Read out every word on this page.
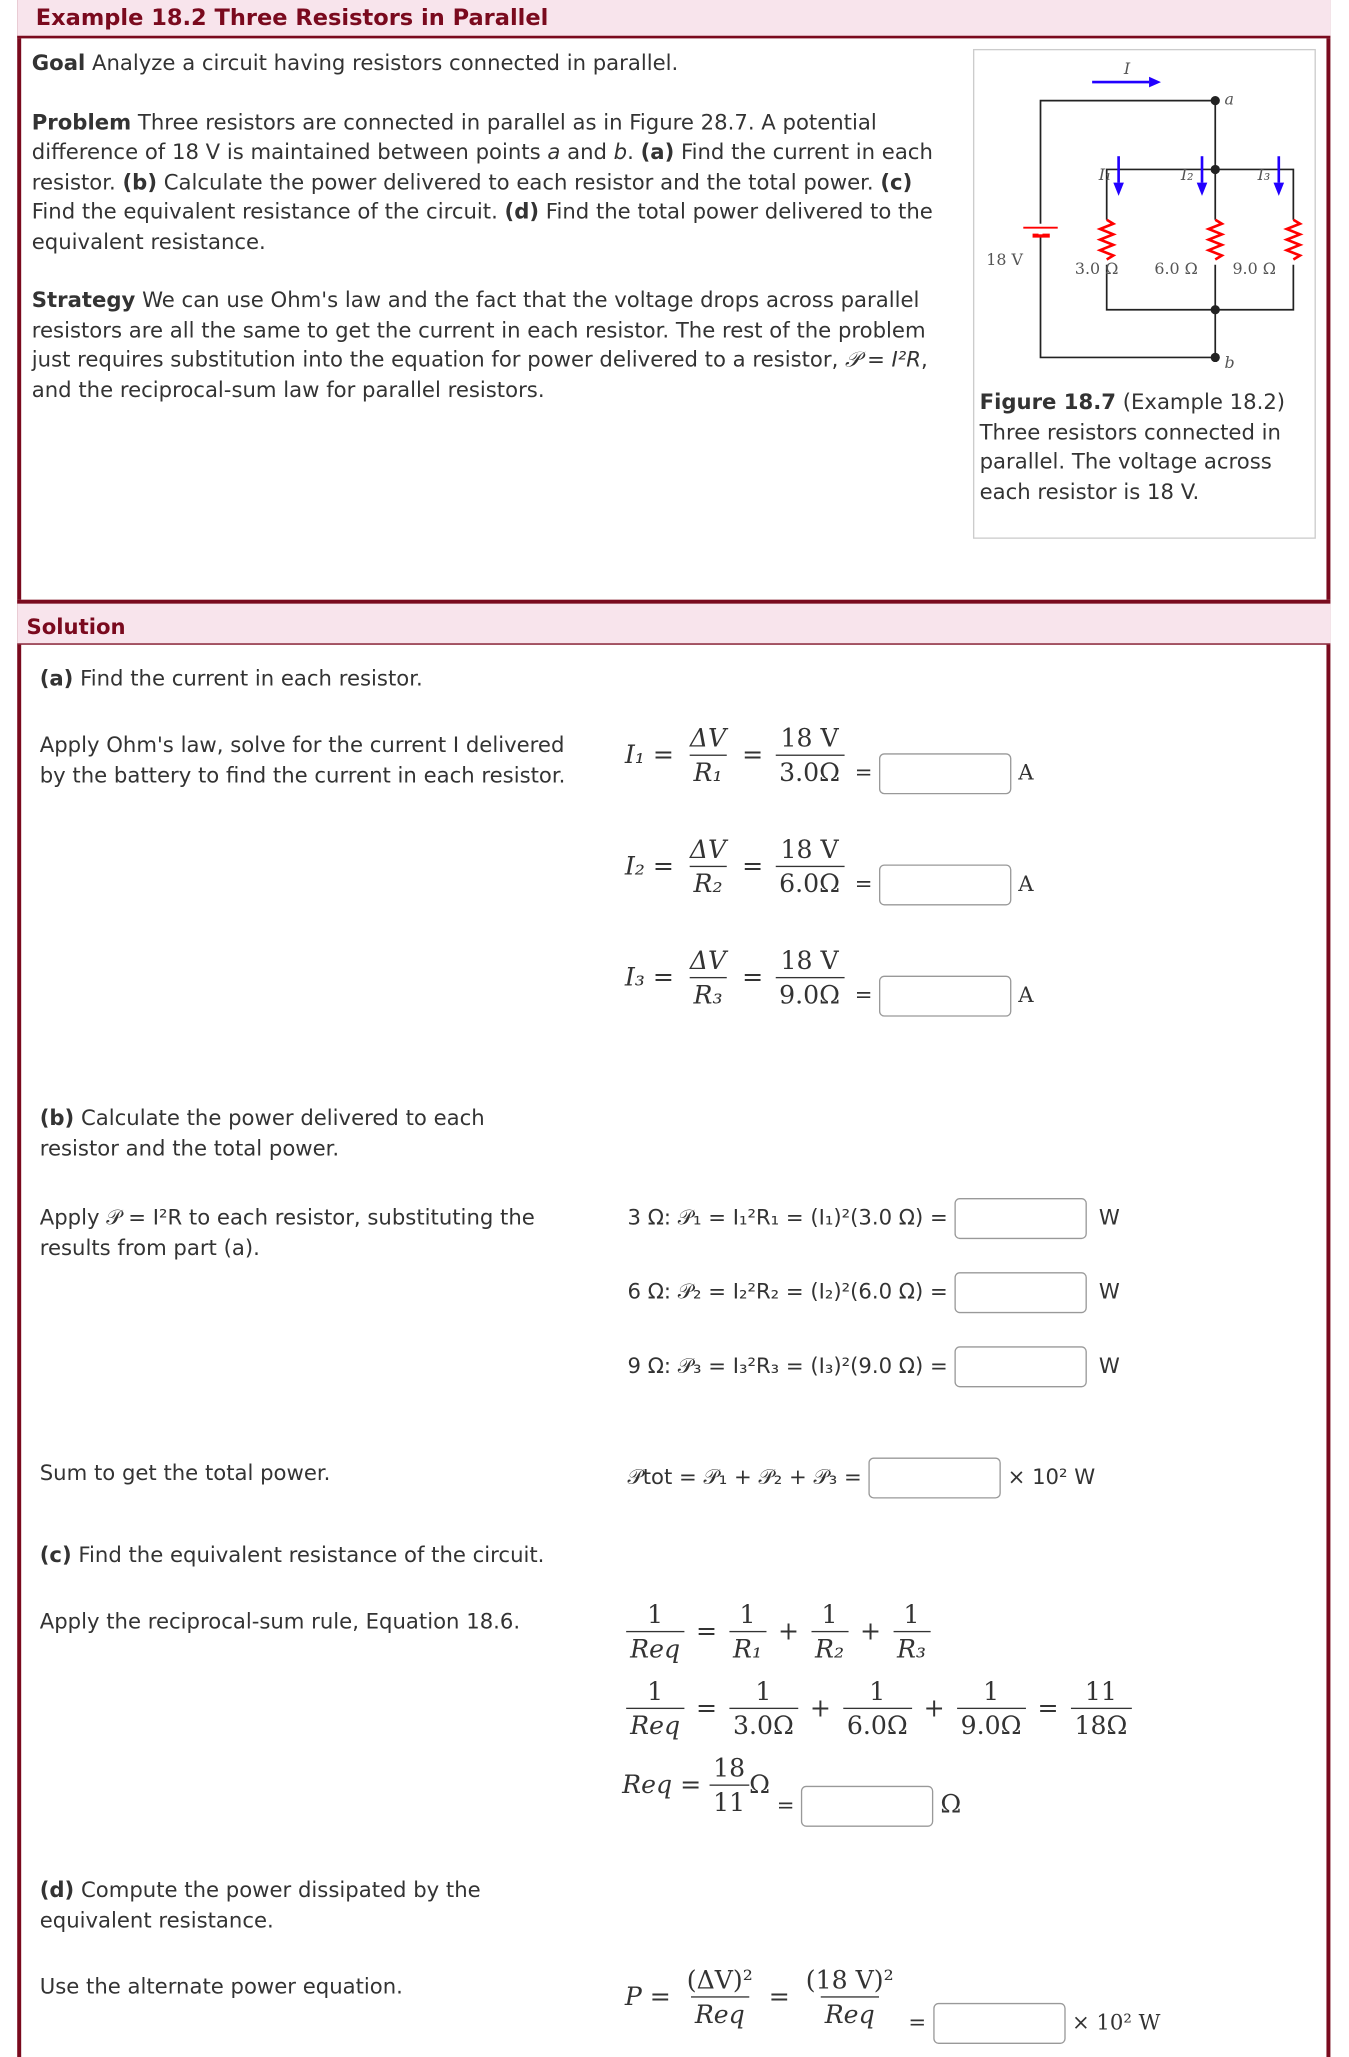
Example 18.2 Three Resistors in Parallel

Goal Analyze a circuit having resistors connected in parallel.

Problem Three resistors are connected in parallel as in Figure 28.7. A potential difference of 18 V is maintained between points a and b. (a) Find the current in each resistor. (b) Calculate the power delivered to each resistor and the total power. (c) Find the equivalent resistance of the circuit. (d) Find the total power delivered to the equivalent resistance.

Strategy We can use Ohm's law and the fact that the voltage drops across parallel resistors are all the same to get the current in each resistor. The rest of the problem just requires substitution into the equation for power delivered to a resistor, 𝒫 = I²R, and the reciprocal-sum law for parallel resistors.

I
a
b
I₁	I₂	I₃
18 V	3.0 Ω	6.0 Ω	9.0 Ω
Figure 18.7 (Example 18.2) Three resistors connected in parallel. The voltage across each resistor is 18 V.
Solution

(a) Find the current in each resistor.

Apply Ohm's law, solve for the current I delivered by the battery to find the current in each resistor.

$I_1 = \frac{\Delta V}{\text{R₁}} = \frac{18 V}{3.0\Omega} _{= A}$
$I_2 = \frac{\Delta V}{\text{R₂}} = \frac{18 V}{6.0\Omega} _{= A}$
$I_3 = \frac{\Delta V}{\text{R₃}} = \frac{18 V}{9.0\Omega} _{= A}$

(b) Calculate the power delivered to each resistor and the total power.

Apply 𝒫 = I²R to each resistor, substituting the results from part (a).

3 Ω: 𝒫₁ = I₁²R₁ = (I₁)²(3.0 Ω) =	W
6 Ω: 𝒫₂ = I₂²R₂ = (I₂)²(6.0 Ω) =	W
9 Ω: 𝒫₃ = I₃²R₃ = (I₃)²(9.0 Ω) =	W

Sum to get the total power.	𝒫tot = 𝒫₁ + 𝒫₂ + 𝒫₃ =	× 10² W

(c) Find the equivalent resistance of the circuit.

Apply the reciprocal-sum rule, Equation 18.6.	$\frac{1}{\text{Req}} = \frac{1}{\text{R₁}} + \frac{1}{\text{R₂}} + \frac{1}{\text{R₃}}$
$\frac{1}{\text{Req}} = \frac{1}{3.0\Omega} + \frac{1}{6.0\Omega} + \frac{1}{9.0\Omega} = \frac{11}{18\Omega}$
Req = $\frac{18}{11}$ Ω $_{= \Omega}$

(d) Compute the power dissipated by the equivalent resistance.

Use the alternate power equation.	$P = \frac{\text{(ΔV)²}}{\text{Req}} = \frac{\text{(18 V)²}}{\text{Req}} _{= \times 10^2 W}$
